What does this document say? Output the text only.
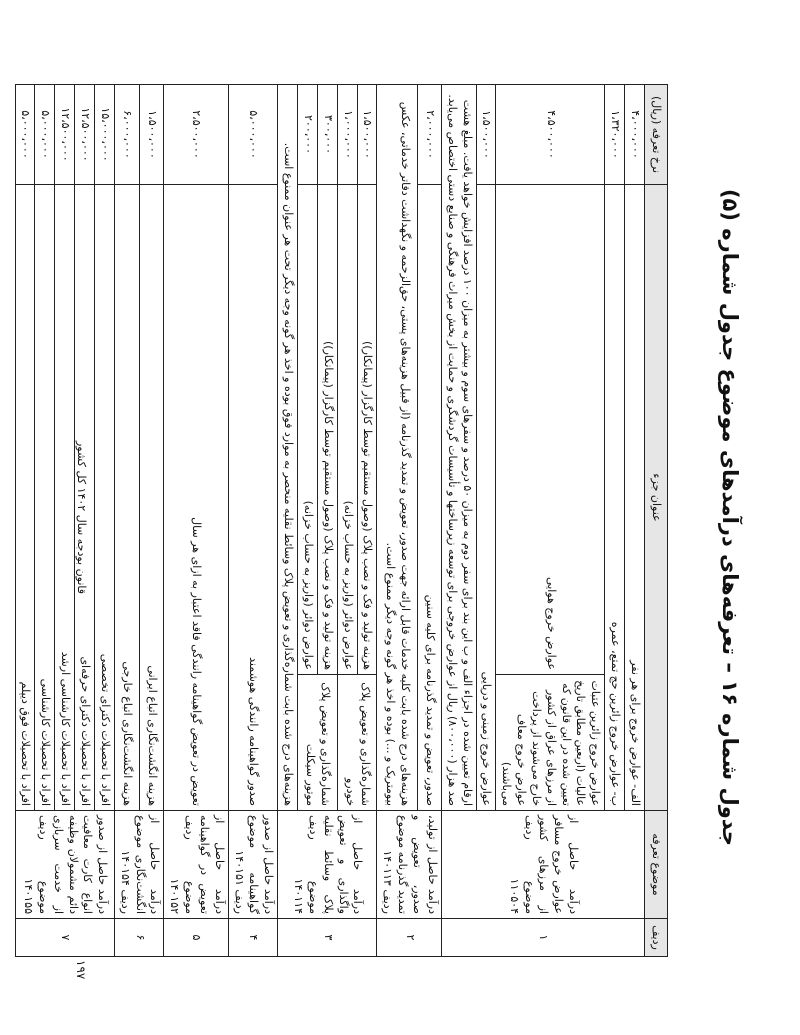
جدول شماره ۱۶ – تعرفه‌های درآمدهای موضوع جدول شماره (۵)
ردیف	موضوع تعرفه	عنوان جزء		نرخ تعرفه (ریال)
۱	درآمد حاصل از عوارض خروج مسافر از مرزهای کشور موضوع ردیف ۱۱۰۵۰۴	الف- عوارض خروج برای هر نفر		۴،۰۰۰،۰۰۰
		ب- عوارض خروج زائرین حج تمتع، عمره		۱،۳۲۰،۰۰۰
		عوارض خروج زائرین عتبات عالیات (اربعین مطابق تاریخ تعیین شده در این قانون که از مرزهای عراق از کشور خارج می‌شوند از پرداخت عوارض خروج معاف می‌باشند)	عوارض خروج هوایی	۴،۵۰۰،۰۰۰
		عوارض خروج زمینی و دریایی		۱،۵۰۰،۰۰۰
		ارقام تعیین شده در اجزاء الف و ب این بند برای سفر دوم به میزان ۵۰ درصد و سفرهای سوم و بیشتر به میزان ۱۰۰ درصد افزایش خواهد یافت. مبلغ هشت صد هزار (۸۰۰،۰۰۰) ریال از عوارض خروجی برای توسعه زیرساختها و تأسیسات گردشگری و حمایت از بخش میراث فرهنگی و صنایع دستی اختصاص می‌یابد.		
۲	درآمد حاصل از تولید، صدور، تعویض و تمدید گذرنامه موضوع ردیف ۱۴۰۱۱۳	صدور، تعویض و تمدید گذرنامه برای کلیه سنین		۲،۰۰۰،۰۰۰
		هزینه‌های درج شده بابت کلیه خدمات قابل ارائه جهت صدور، تعویض و تمدید گذرنامه (از قبیل هزینه‌های پستی، حق‌الزحمه و نگهداشت دفاتر خدماتی، عکس بیومتریک و ...) بوده و اخذ هر گونه وجه دیگر ممنوع است.		
۳	درآمد حاصل از واگذاری و تعویض پلاک وسائط نقلیه موضوع ردیف ۱۴۰۱۱۴	شماره‌گذاری و تعویض پلاک خودرو	هزینه تولید و فک و نصب پلاک (وصول مستقیم توسط کارگزار (پیمانکار))	۱،۵۰۰،۰۰۰
			عوارض دوائر (واریز به حساب خزانه)	۱،۰۰۰،۰۰۰
		شماره‌گذاری و تعویض پلاک موتور سیکلت	هزینه تولید و فک و نصب پلاک (وصول مستقیم توسط کارگزار (پیمانکار))	۳۰۰،۰۰۰
			عوارض دوائر (واریز به حساب خزانه)	۲۰۰،۰۰۰
		هزینه‌های درج شده بابت شماره‌گذاری و تعویض پلاک وسائط نقلیه منحصر به موارد فوق بوده و اخذ هر گونه وجه دیگر تحت هر عنوان ممنوع است.		
۴	درآمد حاصل از صدور گواهینامه موضوع ردیف ۱۴۰۱۵۱	صدور گواهینامه رانندگی هوشمند		۵،۰۰۰،۰۰۰
۵	درآمد حاصل از تعویض در گواهینامه موضوع ردیف ۱۴۰۱۵۲	تعویض در تعویض گواهینامه رانندگی فاقد اعتبار به ازای هر سال		۲،۵۰۰،۰۰۰
۶	درآمد حاصل از انگشت‌نگاری موضوع ردیف ۱۴۰۱۵۴	هزینه انگشت‌نگاری اتباع ایرانی		۱،۵۰۰،۰۰۰
		هزینه انگشت‌نگاری اتباع خارجی		۶،۰۰۰،۰۰۰
۷	درآمد حاصل از صدور انواع کارت معافیت دائم مشمولان وظیفه از خدمت سربازی موضوع ردیف ۱۴۰۱۵۵	افراد با تحصیلات دکترای تخصصی		۱۵،۰۰۰،۰۰۰
		افراد با تحصیلات دکترای حرفه‌ای		۱۲،۵۰۰،۰۰۰
		افراد با تحصیلات کارشناسی ارشد		۱۲،۵۰۰،۰۰۰
		افراد با تحصیلات کارشناسی		۵،۰۰۰،۰۰۰
		افراد با تحصیلات فوق دیپلم		۵،۰۰۰،۰۰۰
قانون بودجه سال ۱۴۰۲ کل کشور
۱۹۷
